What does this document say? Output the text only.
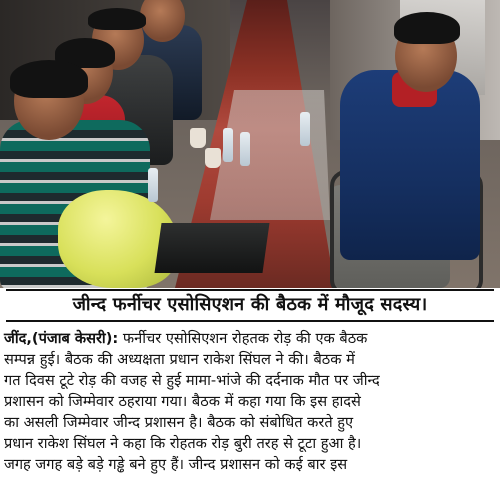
जीन्द फर्नीचर एसोसिएशन की बैठक में मौजूद सदस्य।

जींद,(पंजाब केसरी): फर्नीचर एसोसिएशन रोहतक रोड़ की एक बैठक

सम्पन्न हुई। बैठक की अध्यक्षता प्रधान राकेश सिंघल ने की। बैठक में

गत दिवस टूटे रोड़ की वजह से हुई मामा-भांजे की दर्दनाक मौत पर जीन्द

प्रशासन को जिम्मेवार ठहराया गया। बैठक में कहा गया कि इस हादसे

का असली जिम्मेवार जीन्द प्रशासन है। बैठक को संबोधित करते हुए

प्रधान राकेश सिंघल ने कहा कि रोहतक रोड़ बुरी तरह से टूटा हुआ है।

जगह जगह बड़े बड़े गड्ढे बने हुए हैं। जीन्द प्रशासन को कई बार इस
